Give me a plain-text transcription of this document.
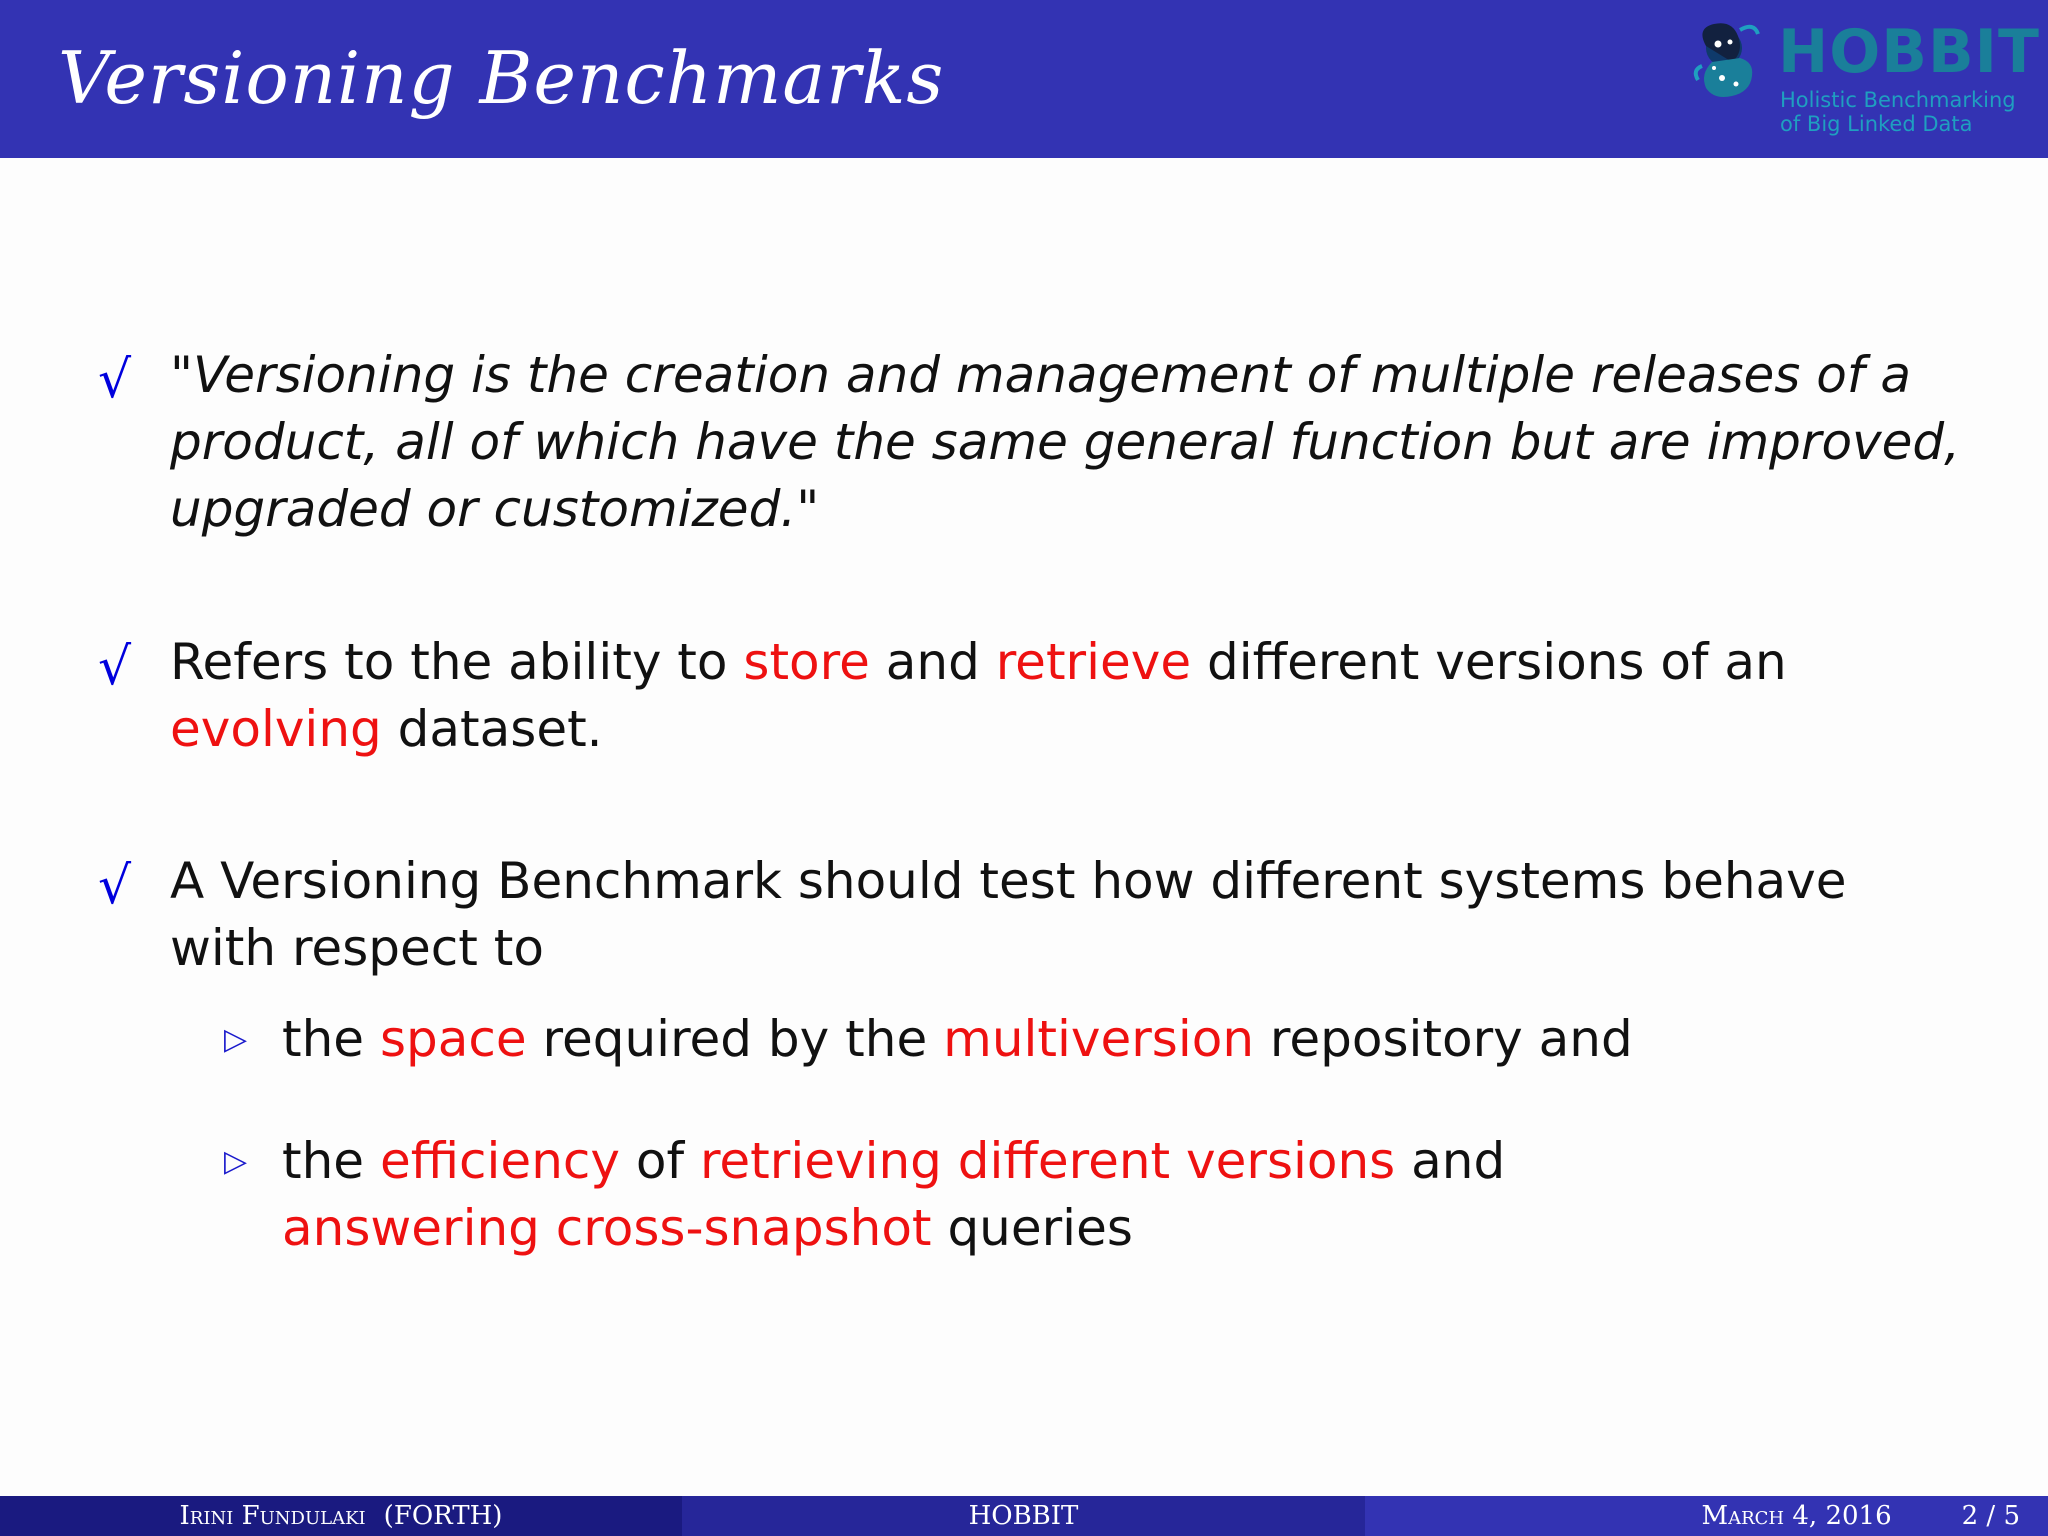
Versioning Benchmarks	HOBBIT

Holistic Benchmarking
of Big Linked Data
√ "Versioning is the creation and management of multiple releases of a product, all of which have the same general function but are improved, upgraded or customized."
√ Refers to the ability to store and retrieve different versions of an evolving dataset.
√ A Versioning Benchmark should test how different systems behave with respect to
▷ the space required by the multiversion repository and
▷ the efficiency of retrieving different versions and answering cross-snapshot queries
Irini Fundulaki (FORTH)	HOBBIT	March 4, 2016	2 / 5
